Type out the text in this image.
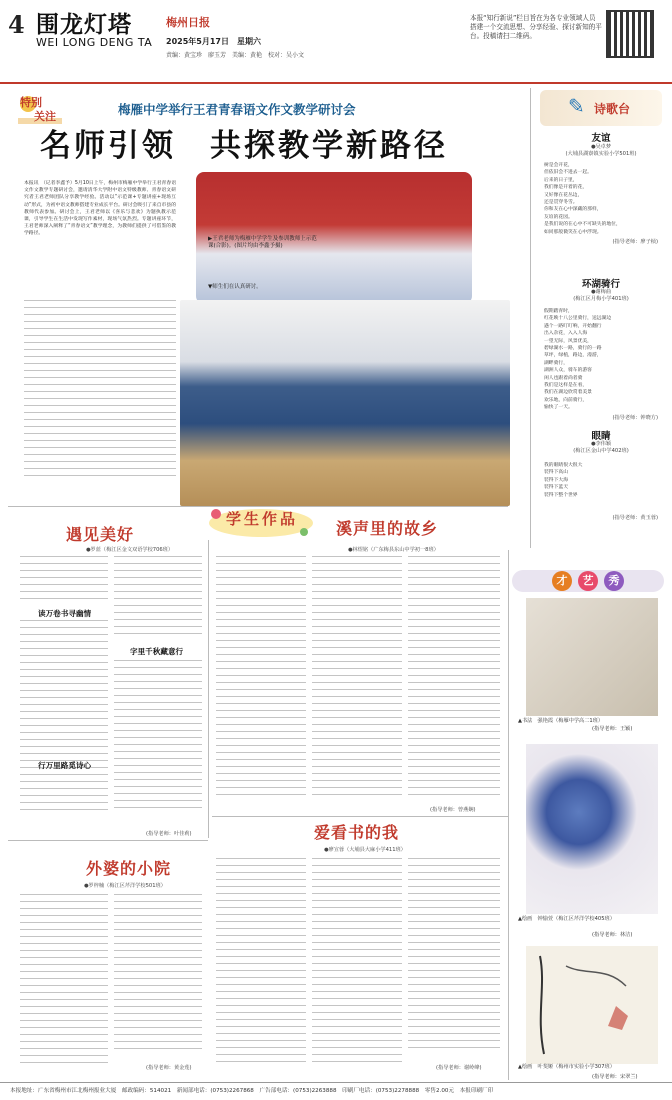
4 围龙灯塔
WEI LONG DENG TA
梅州日报
2025年5月17日　星期六
责编：黄宝珍　廖玉芳　美编：黄艳　校对：吴小文
本报“知行新说”栏目旨在为各专业领域人员搭建一个交流思想、分享经验、探讨新知的平台。投稿请扫二维码。
特别
关注	梅雁中学举行王君青春语文作文教学研讨会
名师引领　共探教学新路径
本报讯　（记者李鑫予）5月10日上午，梅州市梅雁中学举行王君青春语文作文教学专题研讨会，邀请清华大学附中语文特级教师、青春语文研究者王君老师团队分享教学经验。活动以“示范课+专题讲座+现场互动”形式，为初中语文教师搭建专业成长平台。研讨会吸引了来自市县的教师代表参加。研讨会上，王君老师以《喜乐与悲欢》为题执教示范课，引导学生在生活中发现写作素材，现场气氛热烈。专题讲座环节，王君老师深入阐释了“青春语文”教学理念，为教师们提供了可借鉴的教学路径。
▶王君老师为梅雁中学学生及参训教师上示范课(合影)。(图片均由李鑫予摄)
▼师生们在认真研讨。
✎ 诗歌台
友谊
●吴卓梦
(大埔县湖寮镇实验小学501班)
树是会开花，
但依旧会不进去一起。
后来的日子里，
我们像是开着的花，
又好像在花丛边，
还是贯穿冬雪。
你和友在心中深藏的那样，
友谊的花园。
是我们说的在心中不可缺失的地位，
如同那般微笑在心中浮现。
(指导老师：廖子桢)
环湖骑行
●谢梅曲
(梅江区月梅小学401班)
假期踏青时，
红花映十八公里骑行，送远湖边
遇个一路叮叮响，开始翻行
出入杂花，入入人海
一望无际，风景优美，
碧绿湖水一路，骑行的一路
草坪，绿植，路边，漫游，
湖畔骑行，
湖洲人众，骑车的游客
闲人也跟着尚者骑
我们是这样是在看，
我们在湖边欣赏着美景
欢乐地，向前骑行，
愉快了一天。
(指导老师：钟晓方)
眼睛
●李伟颖
(梅江区金山中学402班)
我的眼睛很大很大
装得下高山
装得下大海
装得下蓝天
装得下整个世界
(指导老师：黄玉蓉)
学生作品
遇见美好
●罗蓝（梅江区金文双语学校706班）
读万卷书寻幽情
字里千秋藏意行
行万里路觅诗心
(指导老师：叶佳莉)
溪声里的故乡
●林煜铭（广东梅县东山中学初一8班）
(指导老师：曾燕娴)
外婆的小院
●罗梓楠（梅江区芹洋学校501班）
(指导老师：黄金莲)
爱看书的我
●廖宣蓉（大埔县大麻小学411班）
(指导老师：谢岭峰)
才	艺	秀
▲书法　强艳霞（梅雁中学高二1班）
(指导老师：王颖)
▲绘画　钟愉萱（梅江区芹洋学校405班）
(指导老师：林洁)
▲绘画　叶斐姬（梅州市实验小学307班）
(指导老师：宋翠兰)
本报地址：广东省梅州市江北梅州报业大厦　邮政编码：514021　新闻部电话：(0753)2267868　广告部电话：(0753)2263888　印刷厂电话：(0753)2278888　零售2.00元　本报印刷厂印
